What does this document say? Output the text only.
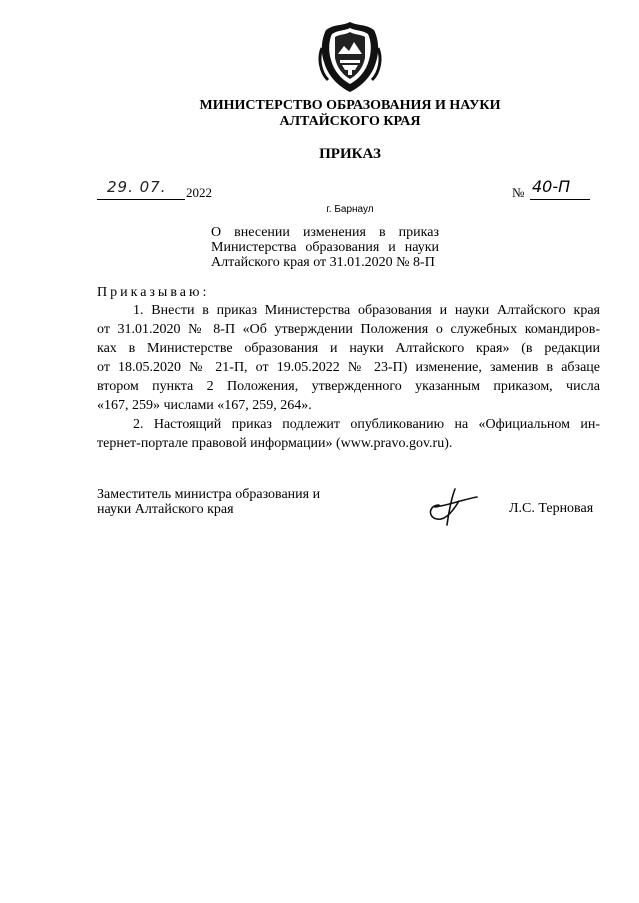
МИНИСТЕРСТВО ОБРАЗОВАНИЯ И НАУКИ
АЛТАЙСКОГО КРАЯ
ПРИКАЗ
29. 07. 2022	№ 40-П
г. Барнаул
О внесении изменения в приказ
Министерства образования и науки
Алтайского края от 31.01.2020 № 8-П
Приказываю:
1. Внести в приказ Министерства образования и науки Алтайского края
от 31.01.2020 № 8-П «Об утверждении Положения о служебных командиров-
ках в Министерстве образования и науки Алтайского края» (в редакции
от 18.05.2020 № 21-П, от 19.05.2022 № 23-П) изменение, заменив в абзаце
втором пункта 2 Положения, утвержденного указанным приказом, числа
«167, 259» числами «167, 259, 264».
2. Настоящий приказ подлежит опубликованию на «Официальном ин-
тернет-портале правовой информации» (www.pravo.gov.ru).
Заместитель министра образования и
науки Алтайского края	Л.С. Терновая
